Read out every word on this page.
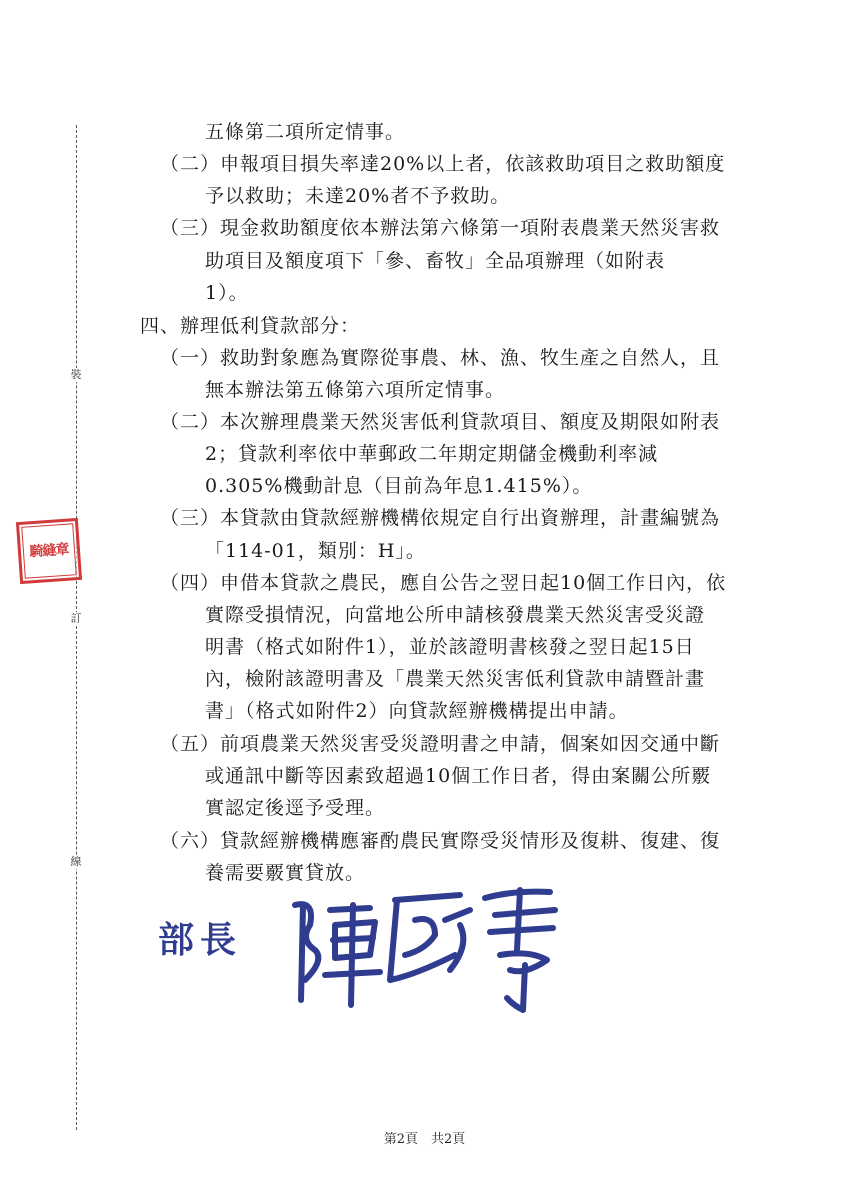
裝
訂
線
騎縫章
五條第二項所定情事。
（二）申報項目損失率達20%以上者，依該救助項目之救助額度
予以救助；未達20%者不予救助。
（三）現金救助額度依本辦法第六條第一項附表農業天然災害救
助項目及額度項下「參、畜牧」全品項辦理（如附表
1）。
四、辦理低利貸款部分：
（一）救助對象應為實際從事農、林、漁、牧生產之自然人，且
無本辦法第五條第六項所定情事。
（二）本次辦理農業天然災害低利貸款項目、額度及期限如附表
2；貸款利率依中華郵政二年期定期儲金機動利率減
0.305%機動計息（目前為年息1.415%）。
（三）本貸款由貸款經辦機構依規定自行出資辦理，計畫編號為
「114-01，類別：H」。
（四）申借本貸款之農民，應自公告之翌日起10個工作日內，依
實際受損情況，向當地公所申請核發農業天然災害受災證
明書（格式如附件1），並於該證明書核發之翌日起15日
內，檢附該證明書及「農業天然災害低利貸款申請暨計畫
書」（格式如附件2）向貸款經辦機構提出申請。
（五）前項農業天然災害受災證明書之申請，個案如因交通中斷
或通訊中斷等因素致超過10個工作日者，得由案關公所覈
實認定後逕予受理。
（六）貸款經辦機構應審酌農民實際受災情形及復耕、復建、復
養需要覈實貸放。
部長
第2頁　共2頁
